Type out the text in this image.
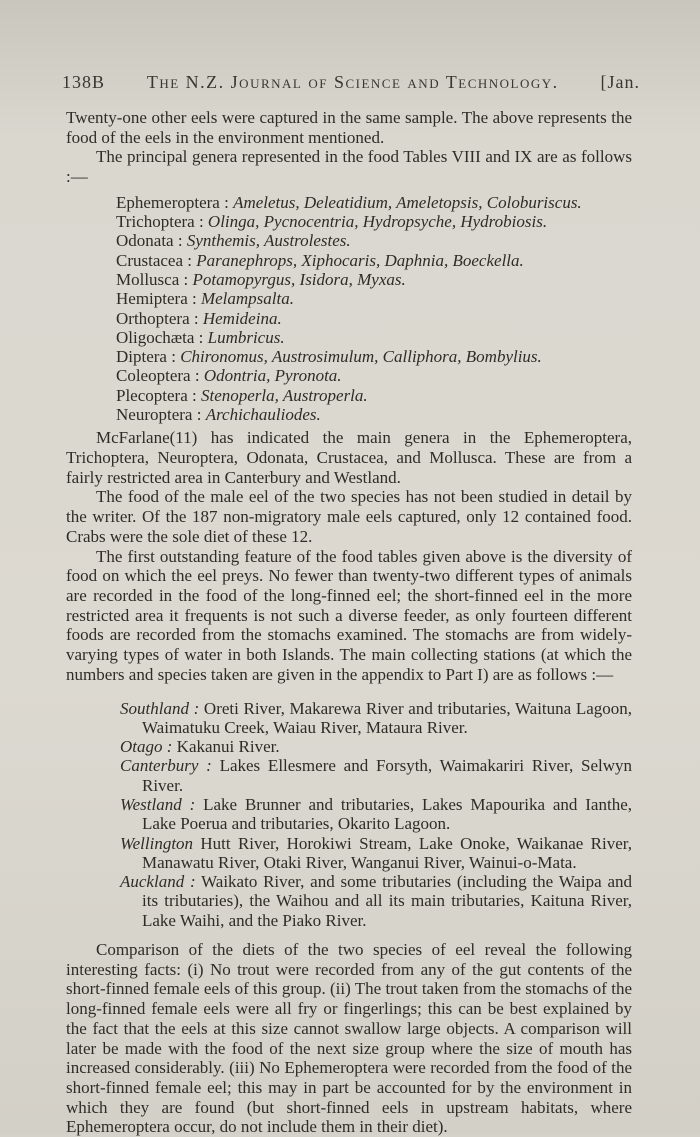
138B The N.Z. Journal of Science and Technology. [Jan.

Twenty-one other eels were captured in the same sample. The above represents the food of the eels in the environment mentioned.

The principal genera represented in the food Tables VIII and IX are as follows :—

Ephemeroptera : Ameletus, Deleatidium, Ameletopsis, Coloburiscus.
Trichoptera : Olinga, Pycnocentria, Hydropsyche, Hydrobiosis.
Odonata : Synthemis, Austrolestes.
Crustacea : Paranephrops, Xiphocaris, Daphnia, Boeckella.
Mollusca : Potamopyrgus, Isidora, Myxas.
Hemiptera : Melampsalta.
Orthoptera : Hemideina.
Oligochæta : Lumbricus.
Diptera : Chironomus, Austrosimulum, Calliphora, Bombylius.
Coleoptera : Odontria, Pyronota.
Plecoptera : Stenoperla, Austroperla.
Neuroptera : Archichauliodes.

McFarlane(11) has indicated the main genera in the Ephemeroptera, Trichoptera, Neuroptera, Odonata, Crustacea, and Mollusca. These are from a fairly restricted area in Canterbury and Westland.

The food of the male eel of the two species has not been studied in detail by the writer. Of the 187 non-migratory male eels captured, only 12 contained food. Crabs were the sole diet of these 12.

The first outstanding feature of the food tables given above is the diversity of food on which the eel preys. No fewer than twenty-two different types of animals are recorded in the food of the long-finned eel; the short-finned eel in the more restricted area it frequents is not such a diverse feeder, as only fourteen different foods are recorded from the stomachs examined. The stomachs are from widely-varying types of water in both Islands. The main collecting stations (at which the numbers and species taken are given in the appendix to Part I) are as follows :—

Southland : Oreti River, Makarewa River and tributaries, Waituna Lagoon, Waimatuku Creek, Waiau River, Mataura River.
Otago : Kakanui River.
Canterbury : Lakes Ellesmere and Forsyth, Waimakariri River, Selwyn River.
Westland : Lake Brunner and tributaries, Lakes Mapourika and Ianthe, Lake Poerua and tributaries, Okarito Lagoon.
Wellington Hutt River, Horokiwi Stream, Lake Onoke, Waikanae River, Manawatu River, Otaki River, Wanganui River, Wainui-o-Mata.
Auckland : Waikato River, and some tributaries (including the Waipa and its tributaries), the Waihou and all its main tributaries, Kaituna River, Lake Waihi, and the Piako River.

Comparison of the diets of the two species of eel reveal the following interesting facts: (i) No trout were recorded from any of the gut contents of the short-finned female eels of this group. (ii) The trout taken from the stomachs of the long-finned female eels were all fry or fingerlings; this can be best explained by the fact that the eels at this size cannot swallow large objects. A comparison will later be made with the food of the next size group where the size of mouth has increased considerably. (iii) No Ephemeroptera were recorded from the food of the short-finned female eel; this may in part be accounted for by the environment in which they are found (but short-finned eels in upstream habitats, where Ephemeroptera occur, do not include them in their diet).
